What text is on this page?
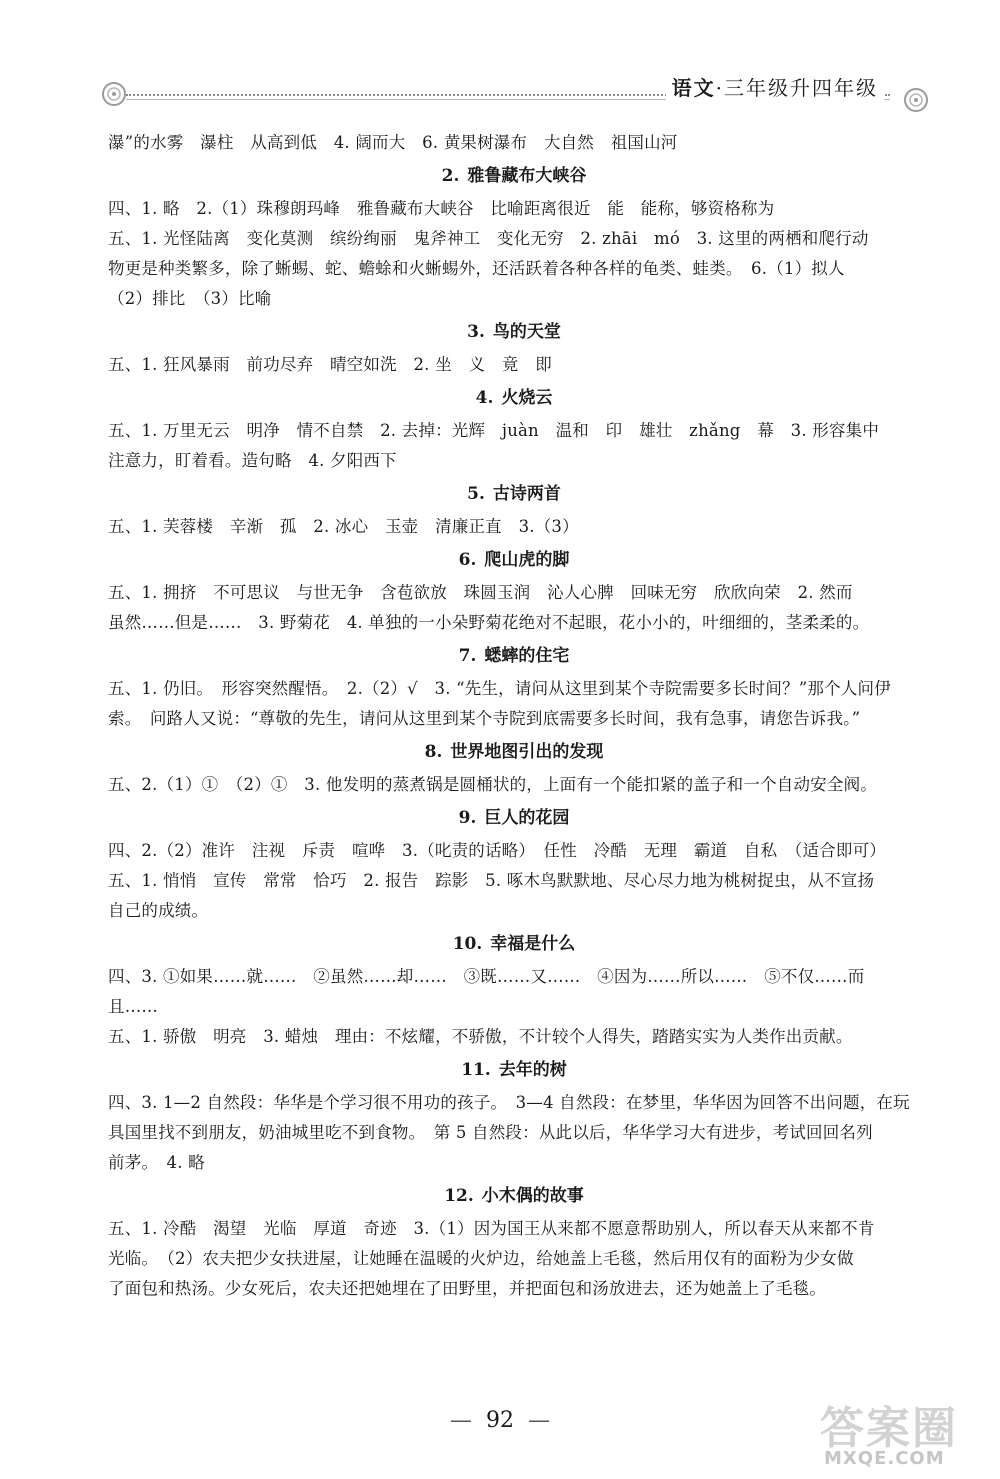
语文·三年级升四年级
瀑”的水雾　瀑柱　从高到低　4. 阔而大　6. 黄果树瀑布　大自然　祖国山河
2. 雅鲁藏布大峡谷
四、1. 略　2.（1）珠穆朗玛峰　雅鲁藏布大峡谷　比喻距离很近　能　能称，够资格称为
五、1. 光怪陆离　变化莫测　缤纷绚丽　鬼斧神工　变化无穷　2. zhāi　mó　3. 这里的两栖和爬行动
物更是种类繁多，除了蜥蜴、蛇、蟾蜍和火蜥蜴外，还活跃着各种各样的龟类、蛙类。　6.（1）拟人
（2）排比　（3）比喻
3. 鸟的天堂
五、1. 狂风暴雨　前功尽弃　晴空如洗　2. 坐　义　竟　即
4. 火烧云
五、1. 万里无云　明净　情不自禁　2. 去掉：光辉　juàn　温和　印　雄壮　zhǎng　幕　3. 形容集中
注意力，盯着看。造句略　4. 夕阳西下
5. 古诗两首
五、1. 芙蓉楼　辛渐　孤　2. 冰心　玉壶　清廉正直　3.（3）
6. 爬山虎的脚
五、1. 拥挤　不可思议　与世无争　含苞欲放　珠圆玉润　沁人心脾　回味无穷　欣欣向荣　2. 然而
虽然……但是……　3. 野菊花　4. 单独的一小朵野菊花绝对不起眼，花小小的，叶细细的，茎柔柔的。
7. 蟋蟀的住宅
五、1. 仍旧。　形容突然醒悟。　2.（2）√　3. “先生，请问从这里到某个寺院需要多长时间？”那个人问伊
索。　问路人又说：“尊敬的先生，请问从这里到某个寺院到底需要多长时间，我有急事，请您告诉我。”
8. 世界地图引出的发现
五、2.（1）①　（2）①　3. 他发明的蒸煮锅是圆桶状的，上面有一个能扣紧的盖子和一个自动安全阀。
9. 巨人的花园
四、2.（2）准许　注视　斥责　喧哗　3.（叱责的话略）　任性　冷酷　无理　霸道　自私　（适合即可）
五、1. 悄悄　宣传　常常　恰巧　2. 报告　踪影　5. 啄木鸟默默地、尽心尽力地为桃树捉虫，从不宣扬
自己的成绩。
10. 幸福是什么
四、3. ①如果……就……　②虽然……却……　③既……又……　④因为……所以……　⑤不仅……而
且……
五、1. 骄傲　明亮　3. 蜡烛　理由：不炫耀，不骄傲，不计较个人得失，踏踏实实为人类作出贡献。
11. 去年的树
四、3. 1—2 自然段：华华是个学习很不用功的孩子。　3—4 自然段：在梦里，华华因为回答不出问题，在玩
具国里找不到朋友，奶油城里吃不到食物。　第 5 自然段：从此以后，华华学习大有进步，考试回回名列
前茅。　4. 略
12. 小木偶的故事
五、1. 冷酷　渴望　光临　厚道　奇迹　3.（1）因为国王从来都不愿意帮助别人，所以春天从来都不肯
光临。　（2）农夫把少女扶进屋，让她睡在温暖的火炉边，给她盖上毛毯，然后用仅有的面粉为少女做
了面包和热汤。少女死后，农夫还把她埋在了田野里，并把面包和汤放进去，还为她盖上了毛毯。
— 92 —	答案圈
MXQE.COM
